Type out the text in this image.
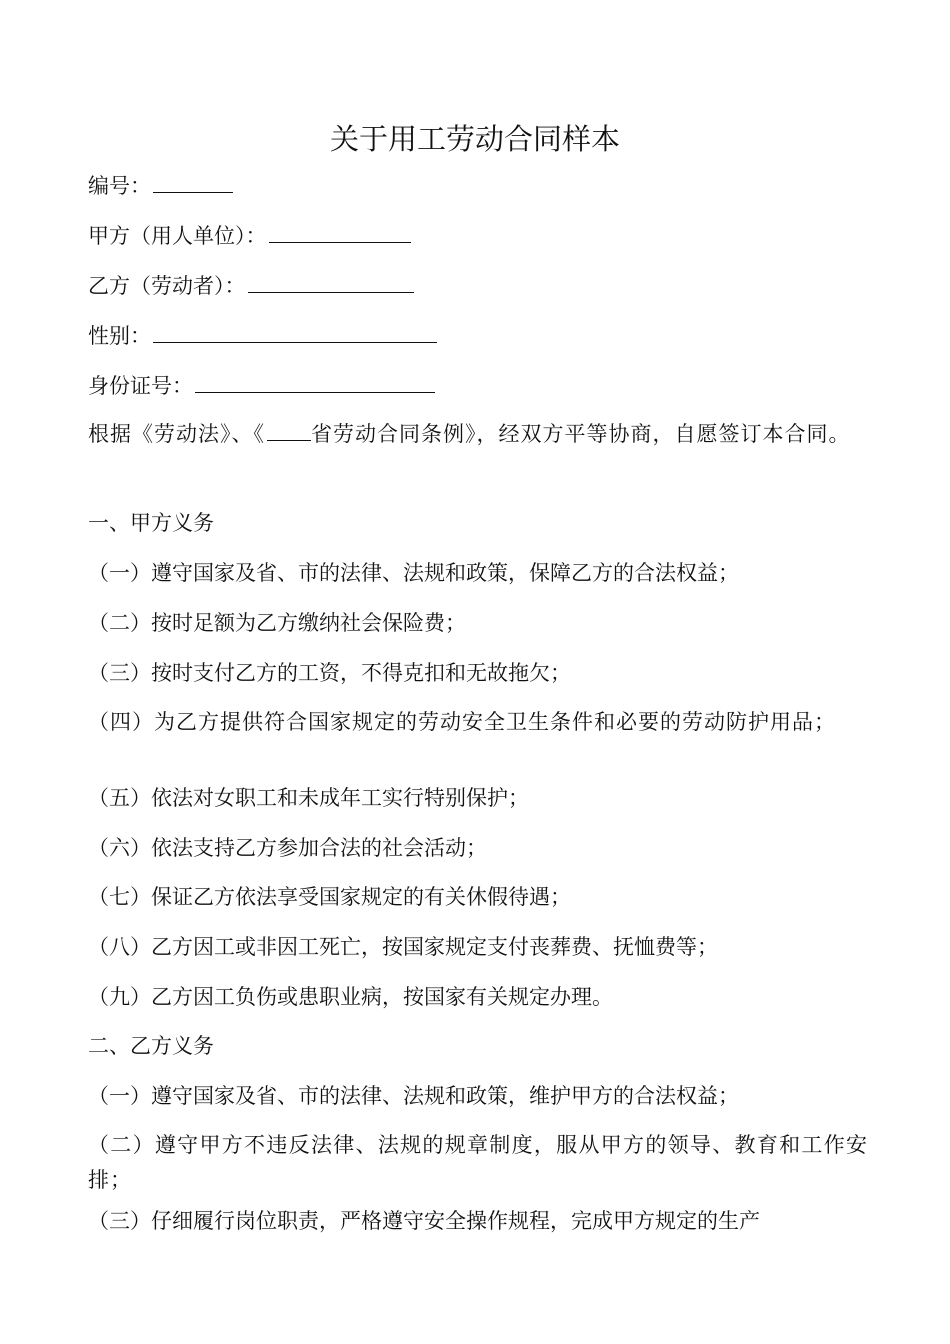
关于用工劳动合同样本
编号：
甲方（用人单位）：
乙方（劳动者）：
性别：
身份证号：
根据《劳动法》、《 省劳动合同条例》，经双方平等协商，自愿签订本合同。
一、甲方义务
（一）遵守国家及省、市的法律、法规和政策，保障乙方的合法权益；
（二）按时足额为乙方缴纳社会保险费；
（三）按时支付乙方的工资，不得克扣和无故拖欠；
（四）为乙方提供符合国家规定的劳动安全卫生条件和必要的劳动防护用品；
（五）依法对女职工和未成年工实行特别保护；
（六）依法支持乙方参加合法的社会活动；
（七）保证乙方依法享受国家规定的有关休假待遇；
（八）乙方因工或非因工死亡，按国家规定支付丧葬费、抚恤费等；
（九）乙方因工负伤或患职业病，按国家有关规定办理。
二、乙方义务
（一）遵守国家及省、市的法律、法规和政策，维护甲方的合法权益；
（二）遵守甲方不违反法律、法规的规章制度，服从甲方的领导、教育和工作安排；
（三）仔细履行岗位职责，严格遵守安全操作规程，完成甲方规定的生产
